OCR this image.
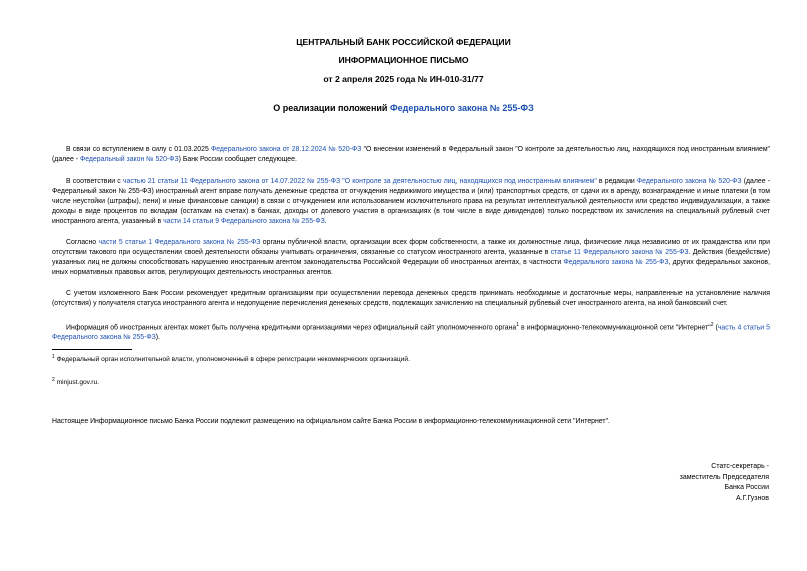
ЦЕНТРАЛЬНЫЙ БАНК РОССИЙСКОЙ ФЕДЕРАЦИИ
ИНФОРМАЦИОННОЕ ПИСЬМО
от 2 апреля 2025 года № ИН-010-31/77
О реализации положений Федерального закона № 255-ФЗ

В связи со вступлением в силу с 01.03.2025 Федерального закона от 28.12.2024 № 520-ФЗ "О внесении изменений в Федеральный закон "О контроле за деятельностью лиц, находящихся под иностранным влиянием" (далее - Федеральный закон № 520-ФЗ) Банк России сообщает следующее.

В соответствии с частью 21 статьи 11 Федерального закона от 14.07.2022 № 255-ФЗ "О контроле за деятельностью лиц, находящихся под иностранным влиянием" в редакции Федерального закона № 520-ФЗ (далее - Федеральный закон № 255-ФЗ) иностранный агент вправе получать денежные средства от отчуждения недвижимого имущества и (или) транспортных средств, от сдачи их в аренду, вознаграждение и иные платежи (в том числе неустойки (штрафы), пени) и иные финансовые санкции) в связи с отчуждением или использованием исключительного права на результат интеллектуальной деятельности или средство индивидуализации, а также доходы в виде процентов по вкладам (остаткам на счетах) в банках, доходы от долевого участия в организациях (в том числе в виде дивидендов) только посредством их зачисления на специальный рублевый счет иностранного агента, указанный в части 14 статьи 9 Федерального закона № 255-ФЗ.

Согласно части 5 статьи 1 Федерального закона № 255-ФЗ органы публичной власти, организации всех форм собственности, а также их должностные лица, физические лица независимо от их гражданства или при отсутствии такового при осуществлении своей деятельности обязаны учитывать ограничения, связанные со статусом иностранного агента, указанные в статье 11 Федерального закона № 255-ФЗ. Действия (бездействие) указанных лиц не должны способствовать нарушению иностранным агентом законодательства Российской Федерации об иностранных агентах, в частности Федерального закона № 255-ФЗ, других федеральных законов, иных нормативных правовых актов, регулирующих деятельность иностранных агентов.

С учетом изложенного Банк России рекомендует кредитным организациям при осуществлении перевода денежных средств принимать необходимые и достаточные меры, направленные на установление наличия (отсутствия) у получателя статуса иностранного агента и недопущение перечисления денежных средств, подлежащих зачислению на специальный рублевый счет иностранного агента, на иной банковский счет.

Информация об иностранных агентах может быть получена кредитными организациями через официальный сайт уполномоченного органа$^1$ в информационно-телекоммуникационной сети "Интернет"$^2$ (часть 4 статьи 5 Федерального закона № 255-ФЗ).

$^1$ Федеральный орган исполнительной власти, уполномоченный в сфере регистрации некоммерческих организаций.
$^2$ minjust.gov.ru.
Настоящее Информационное письмо Банка России подлежит размещению на официальном сайте Банка России в информационно-телекоммуникационной сети "Интернет".
Статс-секретарь -
заместитель Председателя
Банка России
А.Г.Гузнов
